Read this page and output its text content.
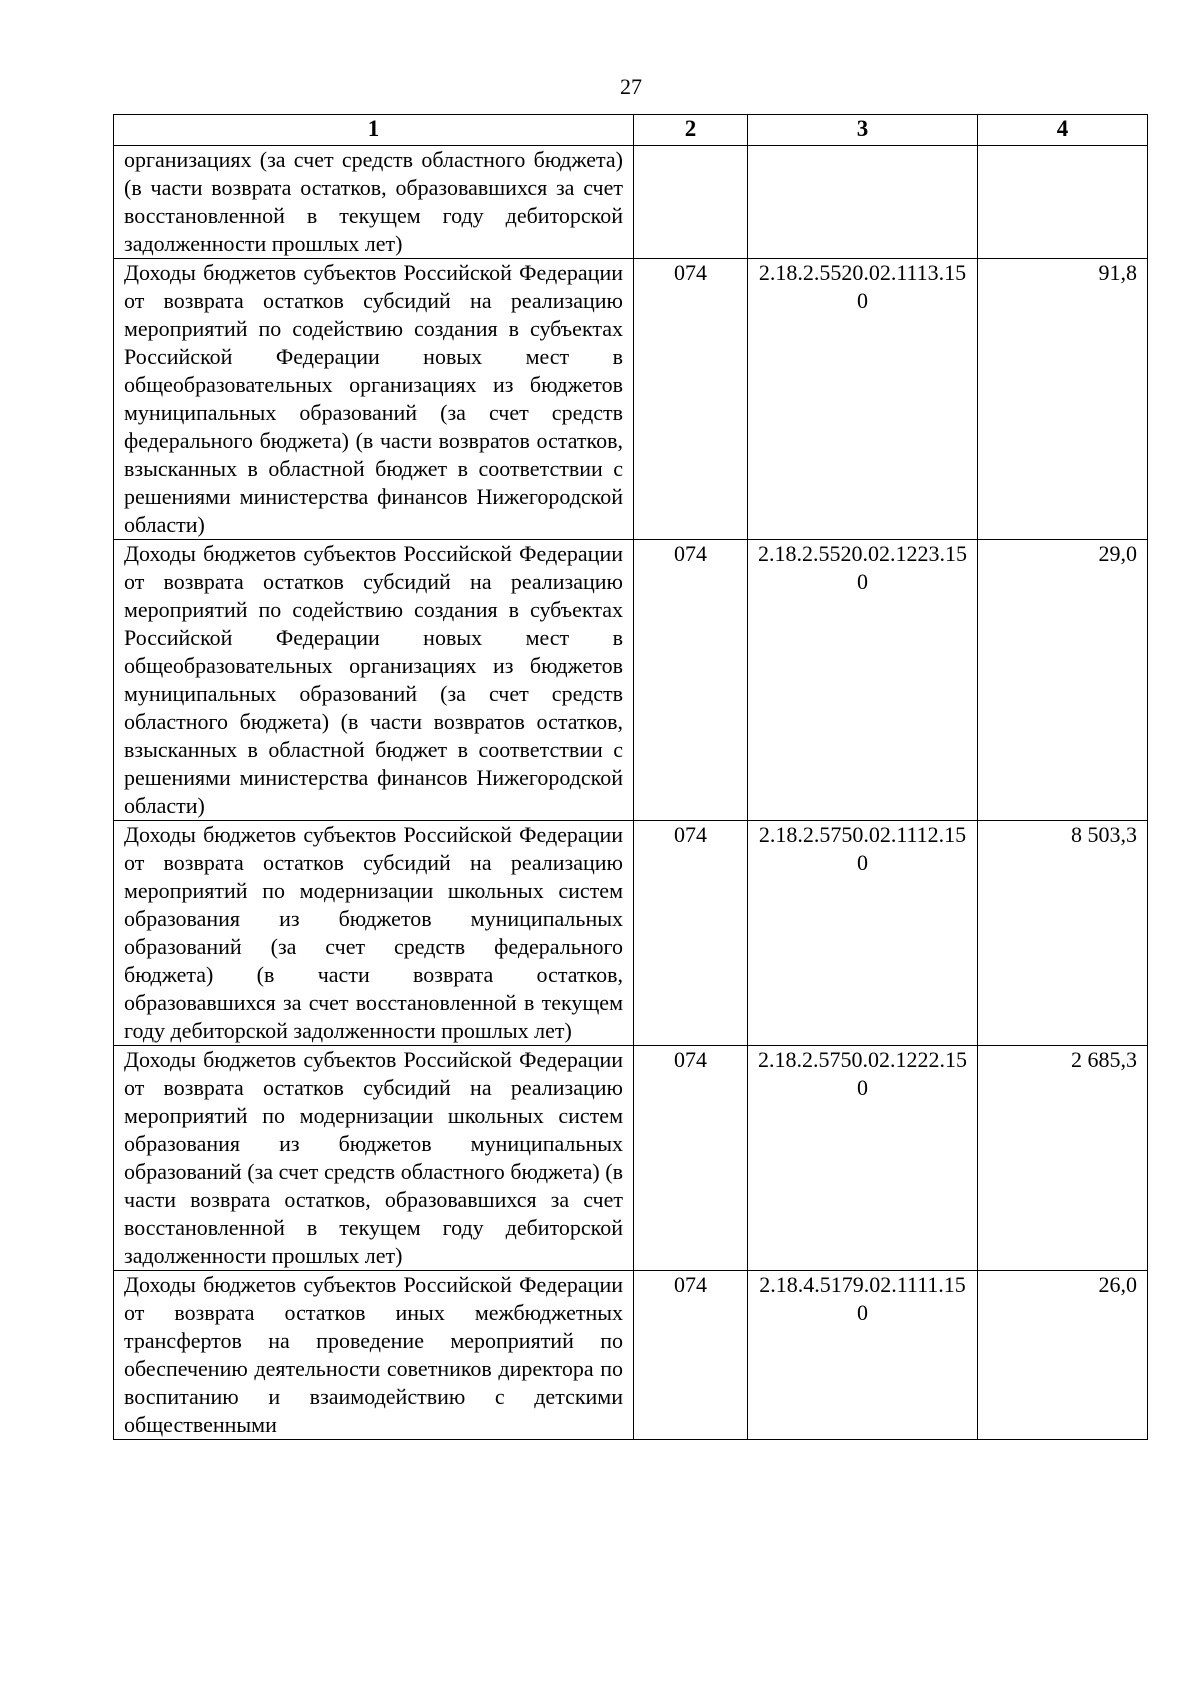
27
1	2	3	4
организациях (за счет средств областного бюджета) (в части возврата остатков, образовавшихся за счет восстановленной в текущем году дебиторской задолженности прошлых лет)			
Доходы бюджетов субъектов Российской Федерации от возврата остатков субсидий на реализацию мероприятий по содействию создания в субъектах Российской Федерации новых мест в общеобразовательных организациях из бюджетов муниципальных образований (за счет средств федерального бюджета) (в части возвратов остатков, взысканных в областной бюджет в соответствии с решениями министерства финансов Нижегородской области)	074	2.18.2.5520.02.1113.150	91,8
Доходы бюджетов субъектов Российской Федерации от возврата остатков субсидий на реализацию мероприятий по содействию создания в субъектах Российской Федерации новых мест в общеобразовательных организациях из бюджетов муниципальных образований (за счет средств областного бюджета) (в части возвратов остатков, взысканных в областной бюджет в соответствии с решениями министерства финансов Нижегородской области)	074	2.18.2.5520.02.1223.150	29,0
Доходы бюджетов субъектов Российской Федерации от возврата остатков субсидий на реализацию мероприятий по модернизации школьных систем образования из бюджетов муниципальных образований (за счет средств федерального бюджета) (в части возврата остатков, образовавшихся за счет восстановленной в текущем году дебиторской задолженности прошлых лет)	074	2.18.2.5750.02.1112.150	8 503,3
Доходы бюджетов субъектов Российской Федерации от возврата остатков субсидий на реализацию мероприятий по модернизации школьных систем образования из бюджетов муниципальных образований (за счет средств областного бюджета) (в части возврата остатков, образовавшихся за счет восстановленной в текущем году дебиторской задолженности прошлых лет)	074	2.18.2.5750.02.1222.150	2 685,3
Доходы бюджетов субъектов Российской Федерации от возврата остатков иных межбюджетных трансфертов на проведение мероприятий по обеспечению деятельности советников директора по воспитанию и взаимодействию с детскими общественными	074	2.18.4.5179.02.1111.150	26,0
